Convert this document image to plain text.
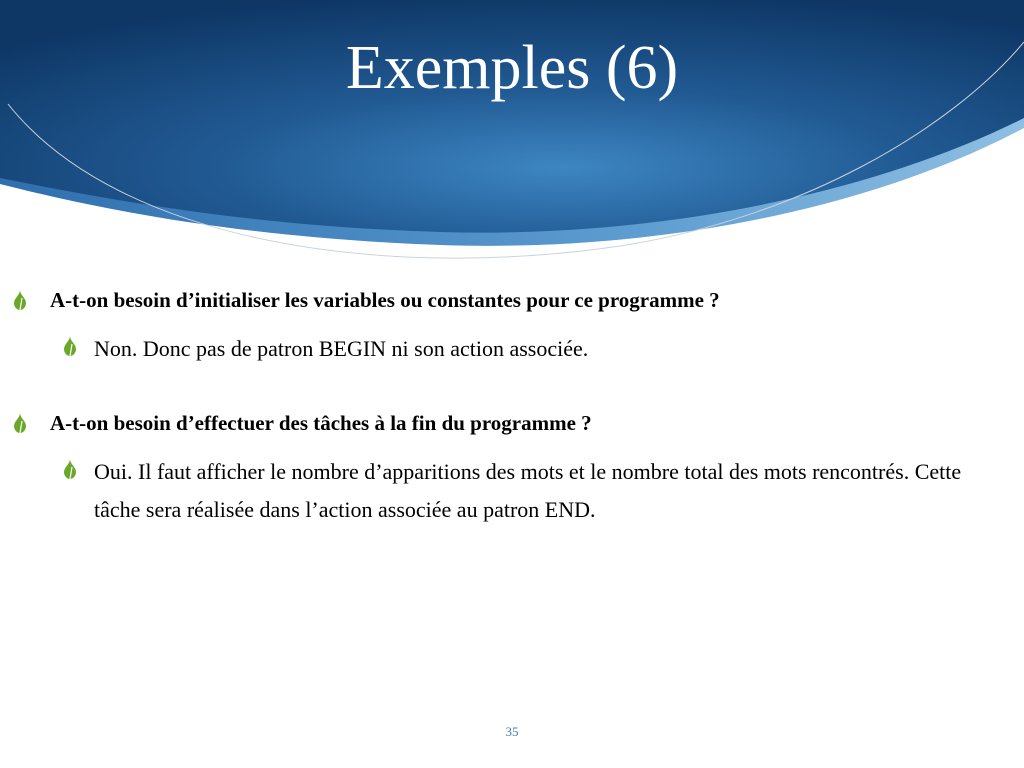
Exemples (6)
A-t-on besoin d’initialiser les variables ou constantes pour ce programme ?
Non. Donc pas de patron BEGIN ni son action associée.
A-t-on besoin d’effectuer des tâches à la fin du programme ?
Oui. Il faut afficher le nombre d’apparitions des mots et le nombre total des mots rencontrés. Cette tâche sera réalisée dans l’action associée au patron END.
35
